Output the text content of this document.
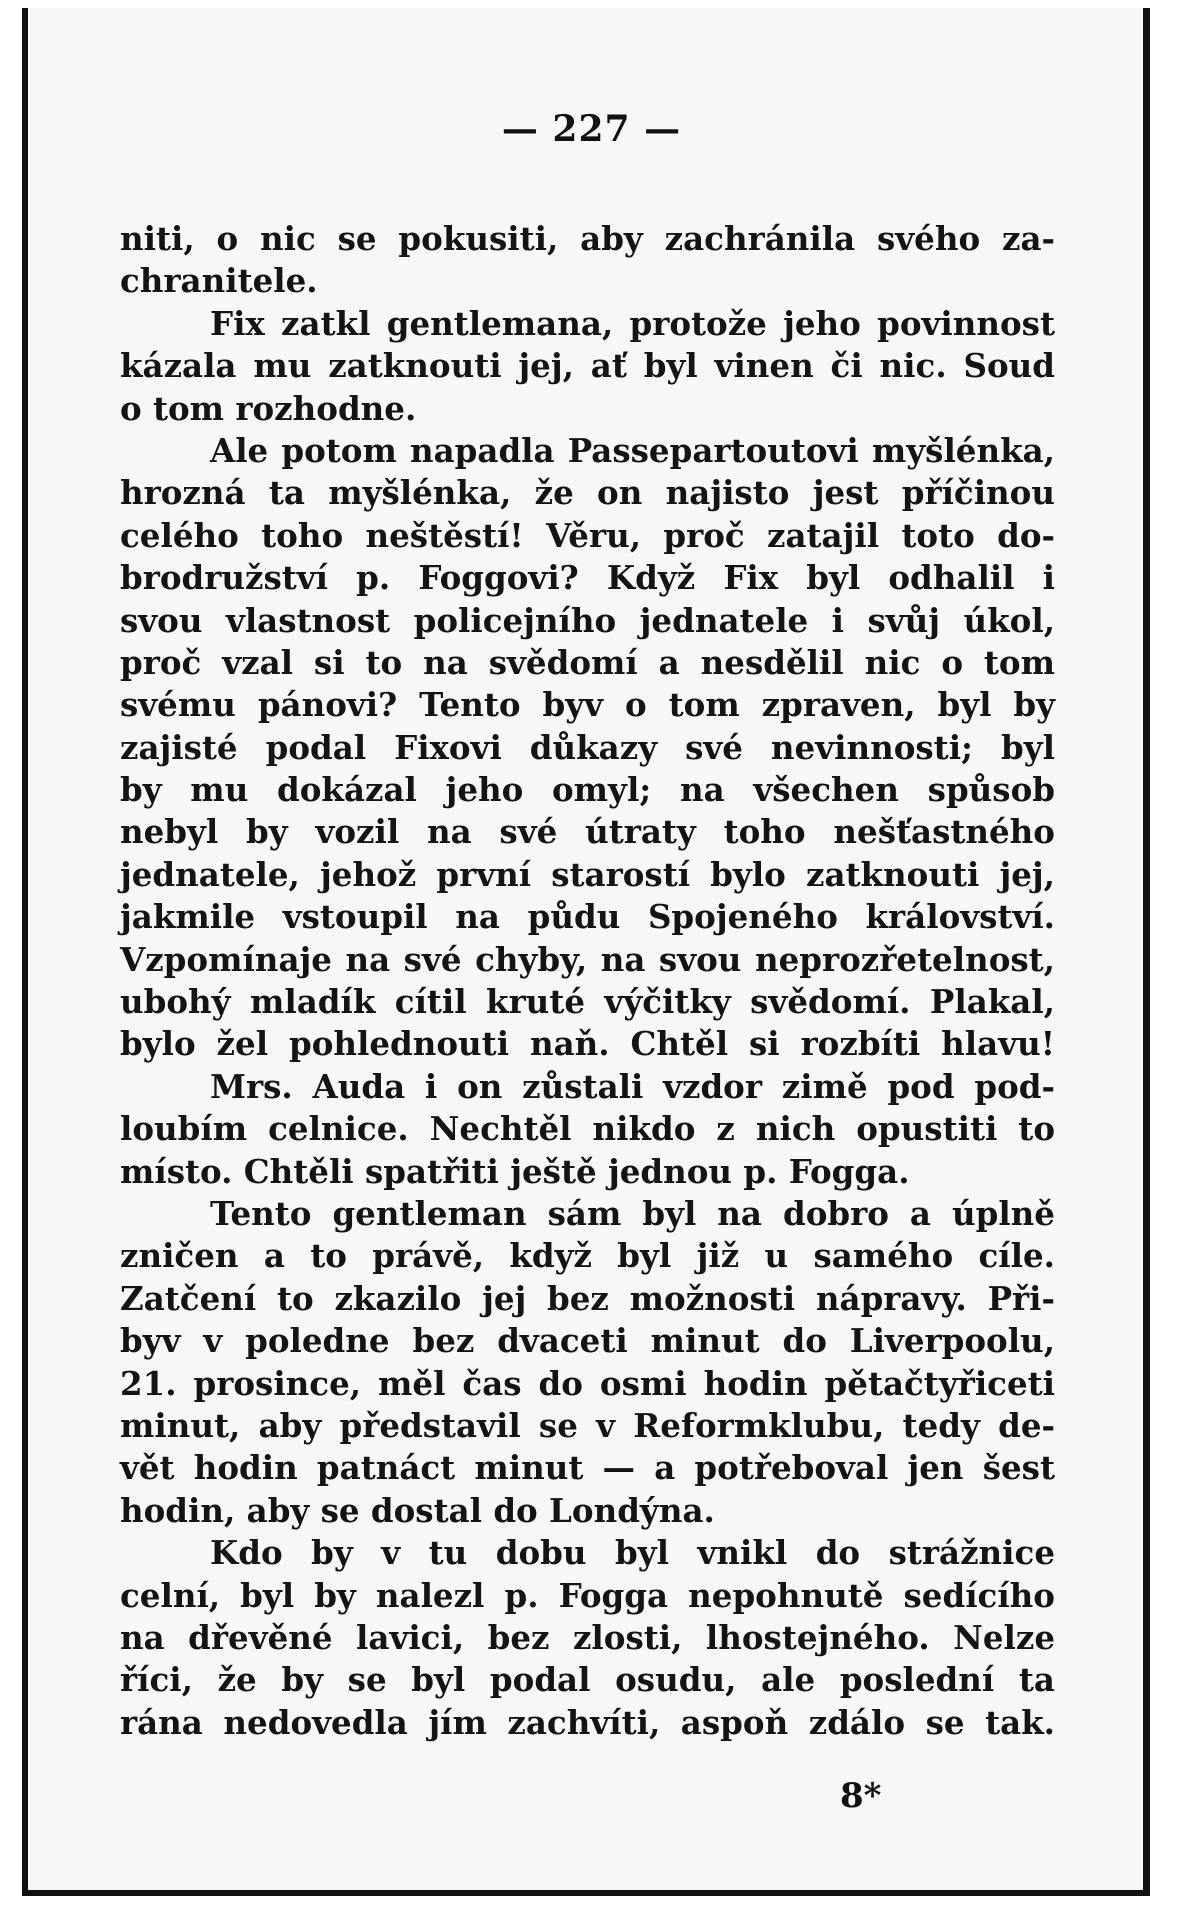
— 227 —
niti, o nic se pokusiti, aby zachránila svého za-
chranitele.
Fix zatkl gentlemana, protože jeho povinnost
kázala mu zatknouti jej, ať byl vinen či nic. Soud
o tom rozhodne.
Ale potom napadla Passepartoutovi myšlénka,
hrozná ta myšlénka, že on najisto jest příčinou
celého toho neštěstí! Věru, proč zatajil toto do-
brodružství p. Foggovi? Když Fix byl odhalil i
svou vlastnost policejního jednatele i svůj úkol,
proč vzal si to na svědomí a nesdělil nic o tom
svému pánovi? Tento byv o tom zpraven, byl by
zajisté podal Fixovi důkazy své nevinnosti; byl
by mu dokázal jeho omyl; na všechen spůsob
nebyl by vozil na své útraty toho nešťastného
jednatele, jehož první starostí bylo zatknouti jej,
jakmile vstoupil na půdu Spojeného království.
Vzpomínaje na své chyby, na svou neprozřetelnost,
ubohý mladík cítil kruté výčitky svědomí. Plakal,
bylo žel pohlednouti naň. Chtěl si rozbíti hlavu!
Mrs. Auda i on zůstali vzdor zimě pod pod-
loubím celnice. Nechtěl nikdo z nich opustiti to
místo. Chtěli spatřiti ještě jednou p. Fogga.
Tento gentleman sám byl na dobro a úplně
zničen a to právě, když byl již u samého cíle.
Zatčení to zkazilo jej bez možnosti nápravy. Při-
byv v poledne bez dvaceti minut do Liverpoolu,
21. prosince, měl čas do osmi hodin pětačtyřiceti
minut, aby představil se v Reformklubu, tedy de-
vět hodin patnáct minut — a potřeboval jen šest
hodin, aby se dostal do Londýna.
Kdo by v tu dobu byl vnikl do strážnice
celní, byl by nalezl p. Fogga nepohnutě sedícího
na dřevěné lavici, bez zlosti, lhostejného. Nelze
říci, že by se byl podal osudu, ale poslední ta
rána nedovedla jím zachvíti, aspoň zdálo se tak.
8*
